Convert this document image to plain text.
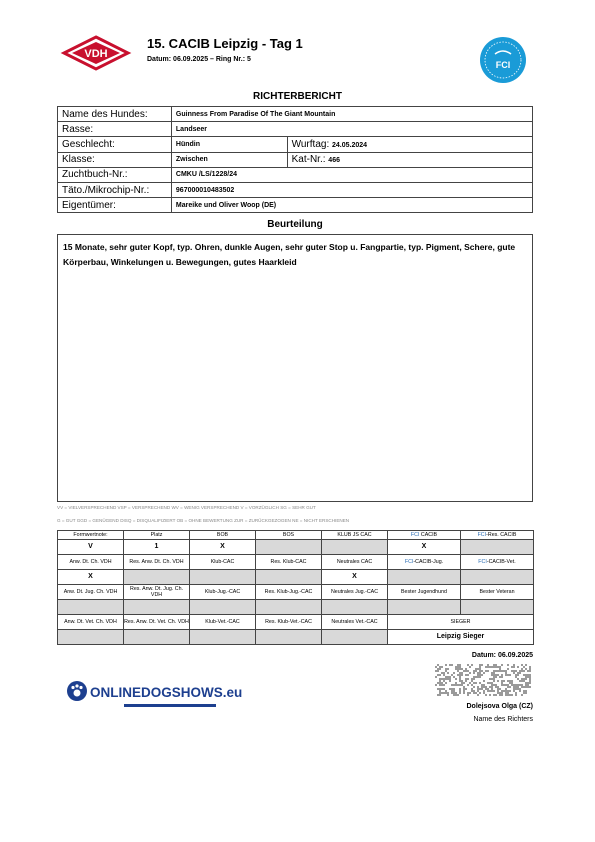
VDH
15. CACIB Leipzig - Tag 1
Datum: 06.09.2025 – Ring Nr.: 5
FCI
RICHTERBERICHT
Name des Hundes:	Guinness From Paradise Of The Giant Mountain	
Rasse:	Landseer	
Geschlecht:	Hündin	Wurftag: 24.05.2024
Klasse:	Zwischen	Kat-Nr.: 466
Zuchtbuch-Nr.:	CMKU /LS/1228/24	
Täto./Mikrochip-Nr.:	967000010483502	
Eigentümer:	Mareike und Oliver Woop (DE)	
Beurteilung
15 Monate, sehr guter Kopf, typ. Ohren, dunkle Augen, sehr guter Stop u. Fangpartie, typ. Pigment, Schere, gute Körperbau, Winkelungen u. Bewegungen, gutes Haarkleid
VV = VIELVERSPRECHEND VSP = VERSPRECHEND WV = WENIG VERSPRECHEND V = VORZÜGLICH SG = SEHR GUT
G = GUT GGD = GENÜGEND DISQ = DISQUALIFIZIERT OB = OHNE BEWERTUNG ZUR = ZURÜCKGEZOGEN NE = NICHT ERSCHIENEN
Formwertnote:	Platz	BOB	BOS	KLUB JS CAC	FCI CACIB	FCI-Res. CACIB
V	1	X			X	
Anw. Dt. Ch. VDH	Res. Anw. Dt. Ch. VDH	Klub-CAC	Res. Klub-CAC	Neutrales CAC	FCI-CACIB-Jug.	FCI-CACIB-Vet.
X				X		
Anw. Dt. Jug. Ch. VDH	Res. Anw. Dt. Jug. Ch. VDH	Klub-Jug.-CAC	Res. Klub-Jug.-CAC	Neutrales Jug.-CAC	Bester Jugendhund	Bester Veteran

Anw. Dt. Vet. Ch. VDH	Res. Anw. Dt. Vet. Ch. VDH	Klub-Vet.-CAC	Res. Klub-Vet.-CAC	Neutrales Vet.-CAC	SIEGER	
					Leipzig Sieger	
Datum: 06.09.2025
Dolejsova Olga (CZ)
Name des Richters
ONLINEDOGSHOWS.eu
